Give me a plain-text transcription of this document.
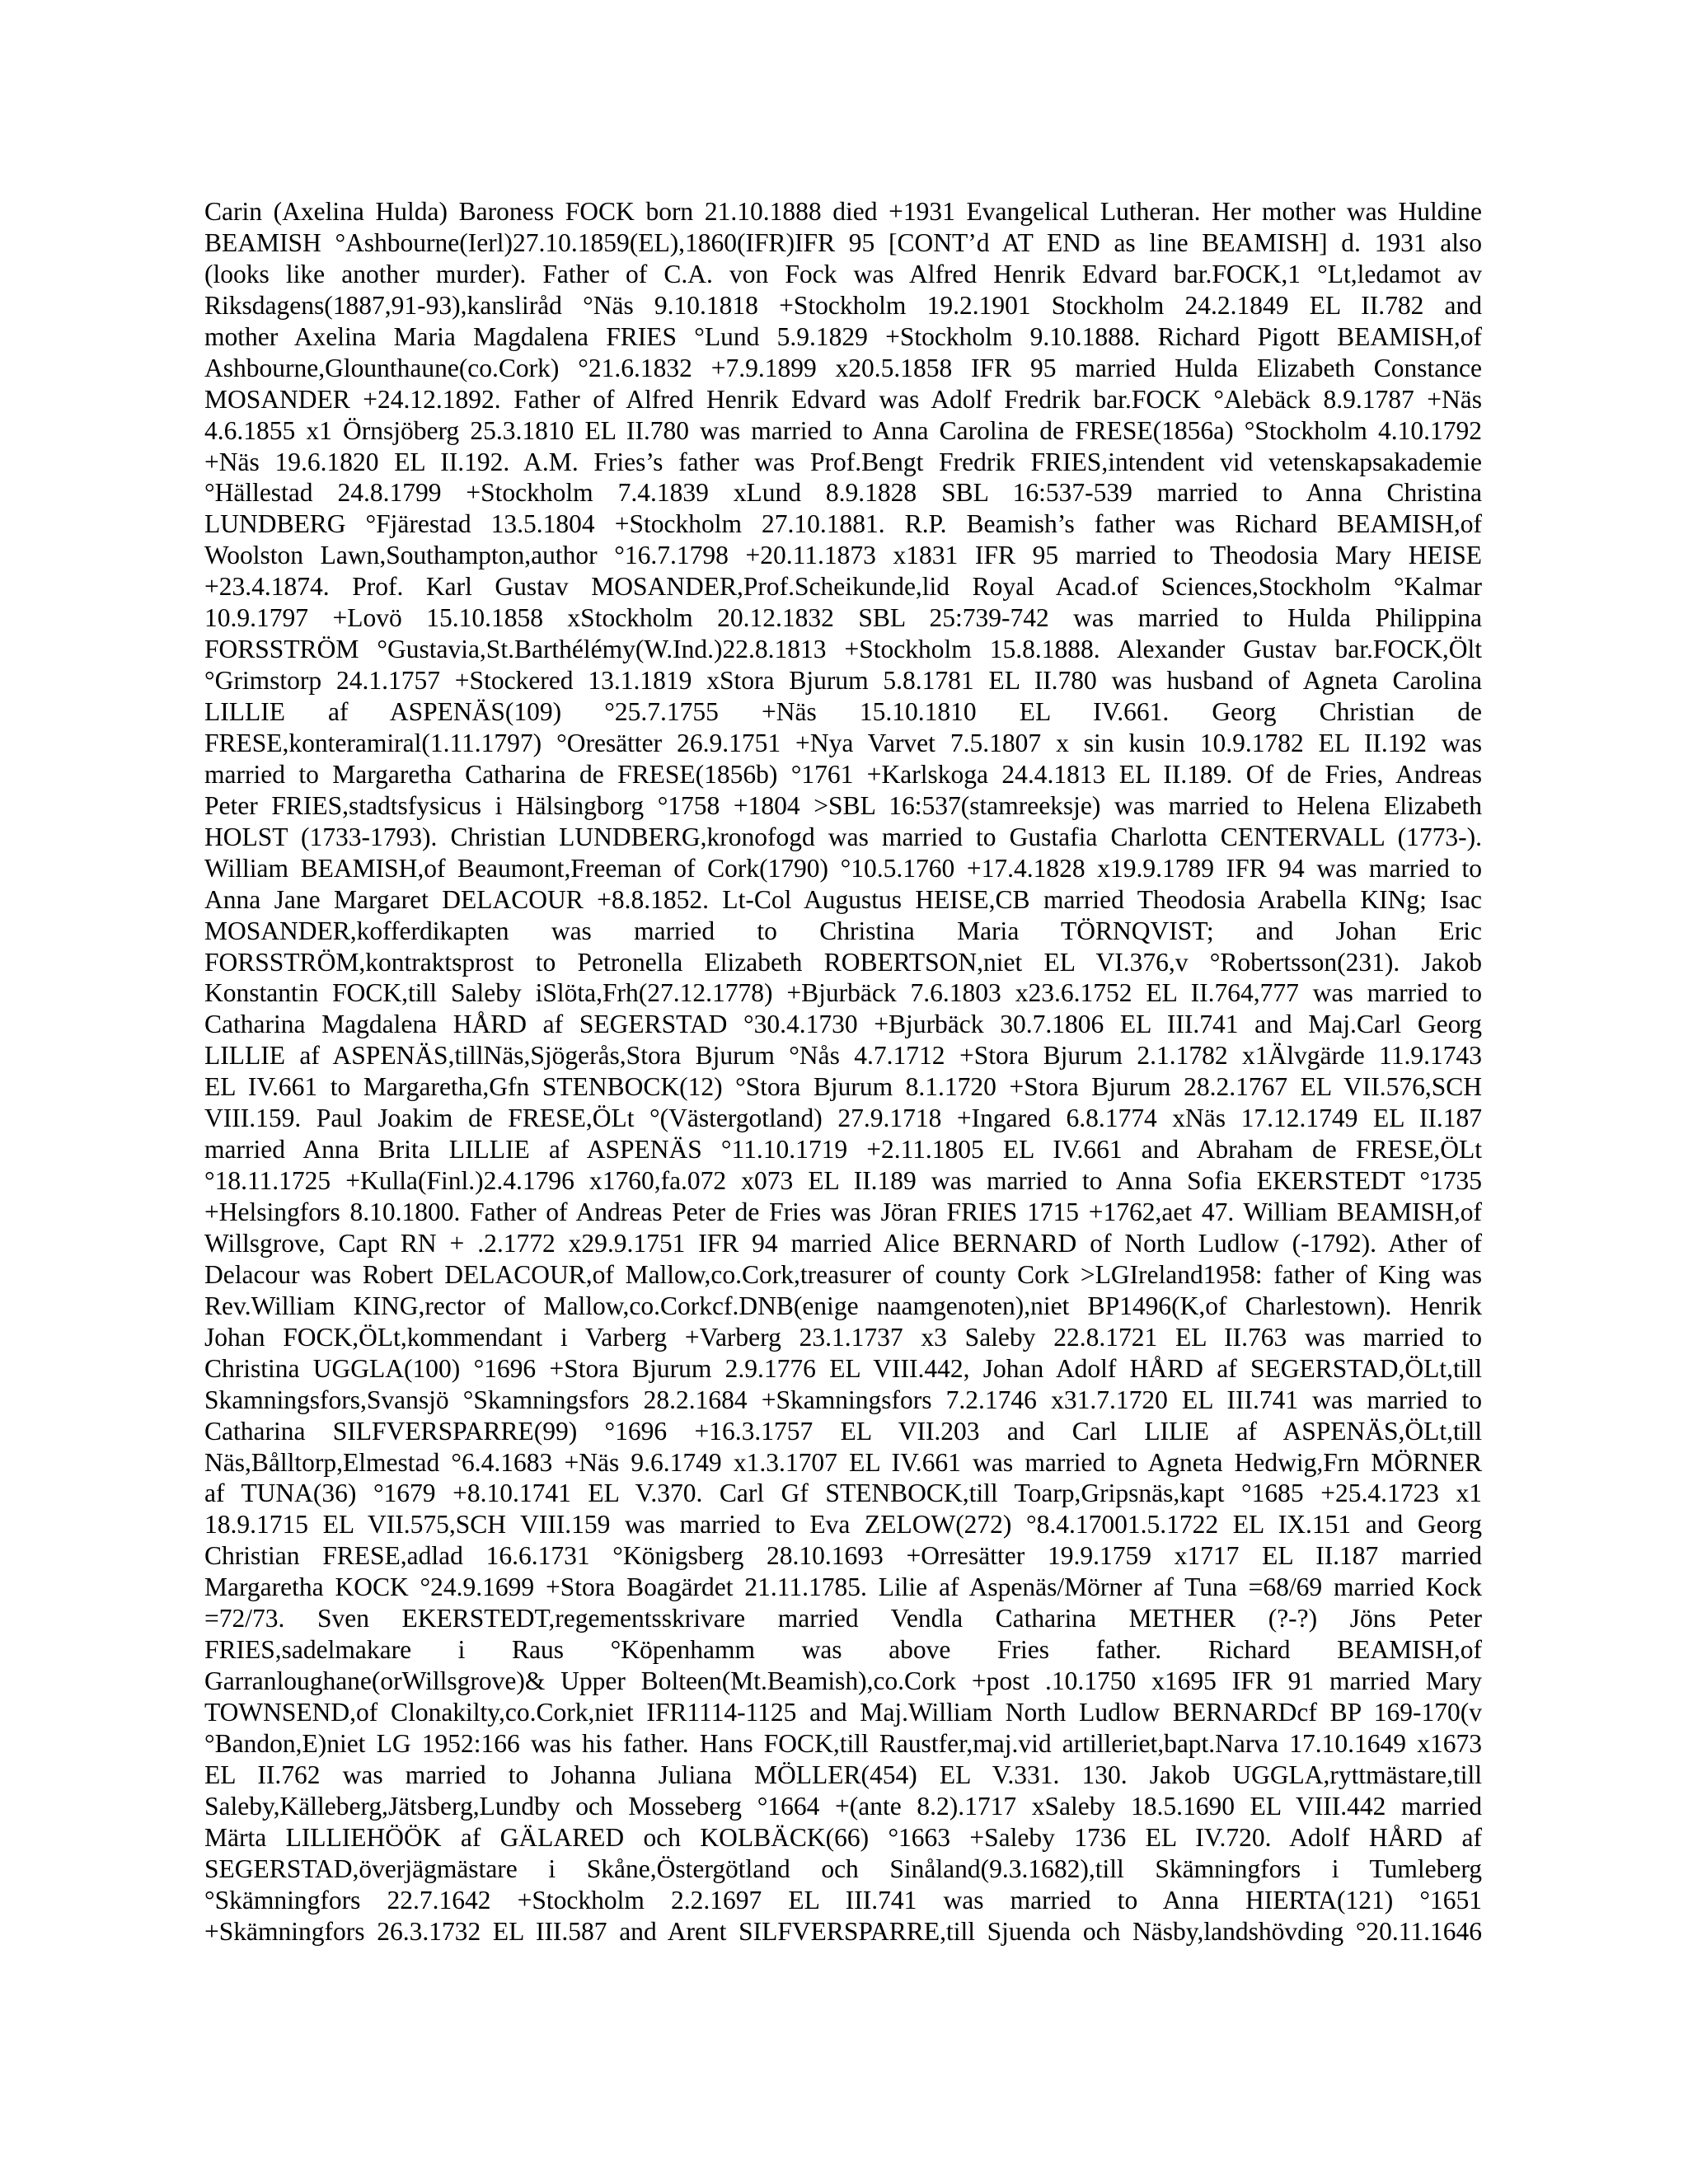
Carin (Axelina Hulda) Baroness FOCK born 21.10.1888 died +1931 Evangelical Lutheran. Her mother was Huldine
BEAMISH °Ashbourne(Ierl)27.10.1859(EL),1860(IFR)IFR 95 [CONT’d AT END as line BEAMISH] d. 1931 also
(looks like another murder). Father of C.A. von Fock was Alfred Henrik Edvard bar.FOCK,1 °Lt,ledamot av
Riksdagens(1887,91-93),kansliråd °Näs 9.10.1818 +Stockholm 19.2.1901 Stockholm 24.2.1849 EL II.782 and
mother Axelina Maria Magdalena FRIES °Lund 5.9.1829 +Stockholm 9.10.1888. Richard Pigott BEAMISH,of
Ashbourne,Glounthaune(co.Cork) °21.6.1832 +7.9.1899 x20.5.1858 IFR 95 married Hulda Elizabeth Constance
MOSANDER +24.12.1892. Father of Alfred Henrik Edvard was Adolf Fredrik bar.FOCK °Alebäck 8.9.1787 +Näs
4.6.1855 x1 Örnsjöberg 25.3.1810 EL II.780 was married to Anna Carolina de FRESE(1856a) °Stockholm 4.10.1792
+Näs 19.6.1820 EL II.192. A.M. Fries’s father was Prof.Bengt Fredrik FRIES,intendent vid vetenskapsakademie
°Hällestad 24.8.1799 +Stockholm 7.4.1839 xLund 8.9.1828 SBL 16:537-539 married to Anna Christina
LUNDBERG °Fjärestad 13.5.1804 +Stockholm 27.10.1881. R.P. Beamish’s father was Richard BEAMISH,of
Woolston Lawn,Southampton,author °16.7.1798 +20.11.1873 x1831 IFR 95 married to Theodosia Mary HEISE
+23.4.1874. Prof. Karl Gustav MOSANDER,Prof.Scheikunde,lid Royal Acad.of Sciences,Stockholm °Kalmar
10.9.1797 +Lovö 15.10.1858 xStockholm 20.12.1832 SBL 25:739-742 was married to Hulda Philippina
FORSSTRÖM °Gustavia,St.Barthélémy(W.Ind.)22.8.1813 +Stockholm 15.8.1888. Alexander Gustav bar.FOCK,Ölt
°Grimstorp 24.1.1757 +Stockered 13.1.1819 xStora Bjurum 5.8.1781 EL II.780 was husband of Agneta Carolina
LILLIE af ASPENÄS(109) °25.7.1755 +Näs 15.10.1810 EL IV.661. Georg Christian de
FRESE,konteramiral(1.11.1797) °Oresätter 26.9.1751 +Nya Varvet 7.5.1807 x sin kusin 10.9.1782 EL II.192 was
married to Margaretha Catharina de FRESE(1856b) °1761 +Karlskoga 24.4.1813 EL II.189. Of de Fries, Andreas
Peter FRIES,stadtsfysicus i Hälsingborg °1758 +1804 >SBL 16:537(stamreeksje) was married to Helena Elizabeth
HOLST (1733-1793). Christian LUNDBERG,kronofogd was married to Gustafia Charlotta CENTERVALL (1773-).
William BEAMISH,of Beaumont,Freeman of Cork(1790) °10.5.1760 +17.4.1828 x19.9.1789 IFR 94 was married to
Anna Jane Margaret DELACOUR +8.8.1852. Lt-Col Augustus HEISE,CB married Theodosia Arabella KINg; Isac
MOSANDER,kofferdikapten was married to Christina Maria TÖRNQVIST; and Johan Eric
FORSSTRÖM,kontraktsprost to Petronella Elizabeth ROBERTSON,niet EL VI.376,v °Robertsson(231). Jakob
Konstantin FOCK,till Saleby iSlöta,Frh(27.12.1778) +Bjurbäck 7.6.1803 x23.6.1752 EL II.764,777 was married to
Catharina Magdalena HÅRD af SEGERSTAD °30.4.1730 +Bjurbäck 30.7.1806 EL III.741 and Maj.Carl Georg
LILLIE af ASPENÄS,tillNäs,Sjögerås,Stora Bjurum °Nås 4.7.1712 +Stora Bjurum 2.1.1782 x1Älvgärde 11.9.1743
EL IV.661 to Margaretha,Gfn STENBOCK(12) °Stora Bjurum 8.1.1720 +Stora Bjurum 28.2.1767 EL VII.576,SCH
VIII.159. Paul Joakim de FRESE,ÖLt °(Västergotland) 27.9.1718 +Ingared 6.8.1774 xNäs 17.12.1749 EL II.187
married Anna Brita LILLIE af ASPENÄS °11.10.1719 +2.11.1805 EL IV.661 and Abraham de FRESE,ÖLt
°18.11.1725 +Kulla(Finl.)2.4.1796 x1760,fa.072 x073 EL II.189 was married to Anna Sofia EKERSTEDT °1735
+Helsingfors 8.10.1800. Father of Andreas Peter de Fries was Jöran FRIES 1715 +1762,aet 47. William BEAMISH,of
Willsgrove, Capt RN + .2.1772 x29.9.1751 IFR 94 married Alice BERNARD of North Ludlow (-1792). Ather of
Delacour was Robert DELACOUR,of Mallow,co.Cork,treasurer of county Cork >LGIreland1958: father of King was
Rev.William KING,rector of Mallow,co.Corkcf.DNB(enige naamgenoten),niet BP1496(K,of Charlestown). Henrik
Johan FOCK,ÖLt,kommendant i Varberg +Varberg 23.1.1737 x3 Saleby 22.8.1721 EL II.763 was married to
Christina UGGLA(100) °1696 +Stora Bjurum 2.9.1776 EL VIII.442, Johan Adolf HÅRD af SEGERSTAD,ÖLt,till
Skamningsfors,Svansjö °Skamningsfors 28.2.1684 +Skamningsfors 7.2.1746 x31.7.1720 EL III.741 was married to
Catharina SILFVERSPARRE(99) °1696 +16.3.1757 EL VII.203 and Carl LILIE af ASPENÄS,ÖLt,till
Näs,Bålltorp,Elmestad °6.4.1683 +Näs 9.6.1749 x1.3.1707 EL IV.661 was married to Agneta Hedwig,Frn MÖRNER
af TUNA(36) °1679 +8.10.1741 EL V.370. Carl Gf STENBOCK,till Toarp,Gripsnäs,kapt °1685 +25.4.1723 x1
18.9.1715 EL VII.575,SCH VIII.159 was married to Eva ZELOW(272) °8.4.17001.5.1722 EL IX.151 and Georg
Christian FRESE,adlad 16.6.1731 °Königsberg 28.10.1693 +Orresätter 19.9.1759 x1717 EL II.187 married
Margaretha KOCK °24.9.1699 +Stora Boagärdet 21.11.1785. Lilie af Aspenäs/Mörner af Tuna =68/69 married Kock
=72/73. Sven EKERSTEDT,regementsskrivare married Vendla Catharina METHER (?-?) Jöns Peter
FRIES,sadelmakare i Raus °Köpenhamm was above Fries father. Richard BEAMISH,of
Garranloughane(orWillsgrove)& Upper Bolteen(Mt.Beamish),co.Cork +post .10.1750 x1695 IFR 91 married Mary
TOWNSEND,of Clonakilty,co.Cork,niet IFR1114-1125 and Maj.William North Ludlow BERNARDcf BP 169-170(v
°Bandon,E)niet LG 1952:166 was his father. Hans FOCK,till Raustfer,maj.vid artilleriet,bapt.Narva 17.10.1649 x1673
EL II.762 was married to Johanna Juliana MÖLLER(454) EL V.331. 130. Jakob UGGLA,ryttmästare,till
Saleby,Källeberg,Jätsberg,Lundby och Mosseberg °1664 +(ante 8.2).1717 xSaleby 18.5.1690 EL VIII.442 married
Märta LILLIEHÖÖK af GÄLARED och KOLBÄCK(66) °1663 +Saleby 1736 EL IV.720. Adolf HÅRD af
SEGERSTAD,överjägmästare i Skåne,Östergötland och Sinåland(9.3.1682),till Skämningfors i Tumleberg
°Skämningfors 22.7.1642 +Stockholm 2.2.1697 EL III.741 was married to Anna HIERTA(121) °1651
+Skämningfors 26.3.1732 EL III.587 and Arent SILFVERSPARRE,till Sjuenda och Näsby,landshövding °20.11.1646
